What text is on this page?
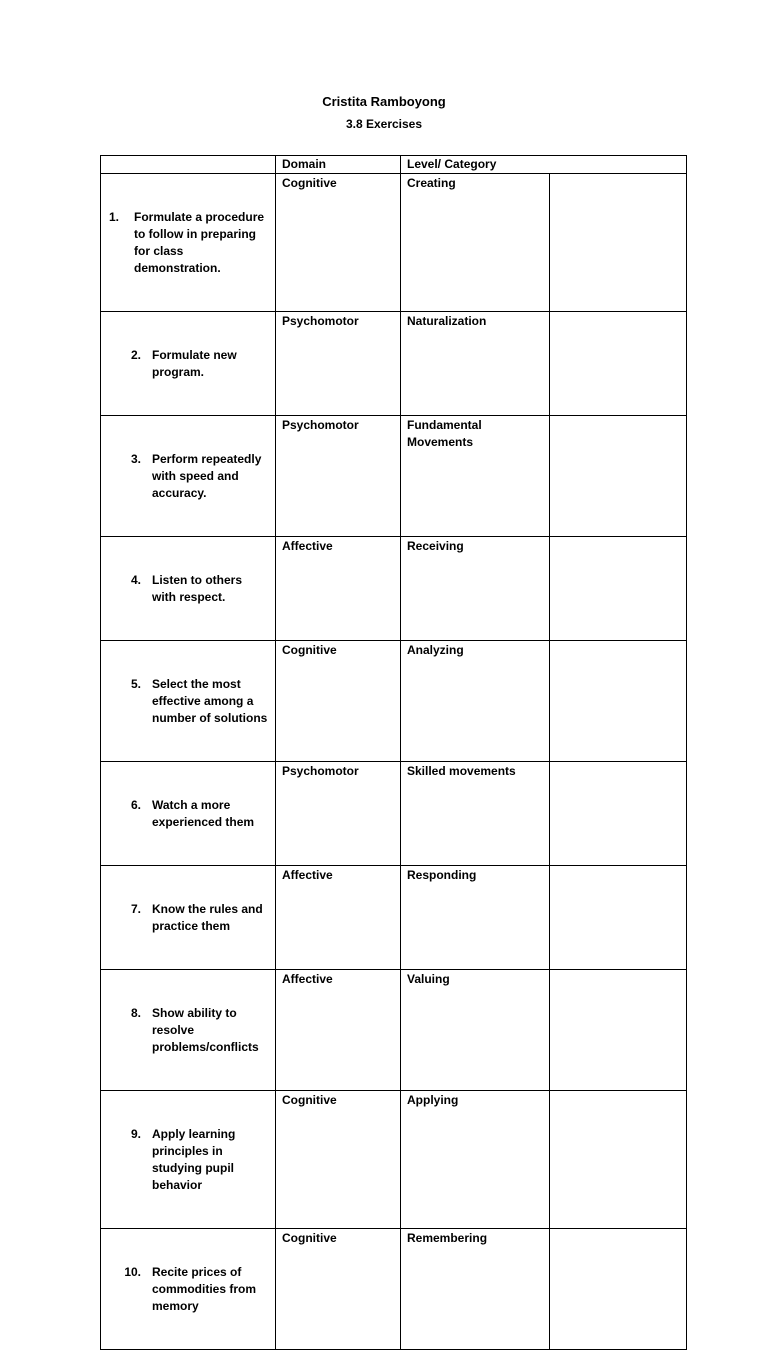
Cristita Ramboyong
3.8 Exercises
	Domain	Level/ Category	

1. Formulate a procedure
to follow in preparing
for class
demonstration.	Cognitive	Creating	

2. Formulate new
program.	Psychomotor	Naturalization	

3. Perform repeatedly
with speed and
accuracy.	Psychomotor	Fundamental
Movements	

4. Listen to others
with respect.	Affective	Receiving	

5. Select the most
effective among a
number of solutions	Cognitive	Analyzing	

6. Watch a more
experienced them	Psychomotor	Skilled movements	

7. Know the rules and
practice them	Affective	Responding	

8. Show ability to
resolve
problems/conflicts	Affective	Valuing	

9. Apply learning
principles in
studying pupil
behavior	Cognitive	Applying	

10. Recite prices of
commodities from
memory	Cognitive	Remembering	
